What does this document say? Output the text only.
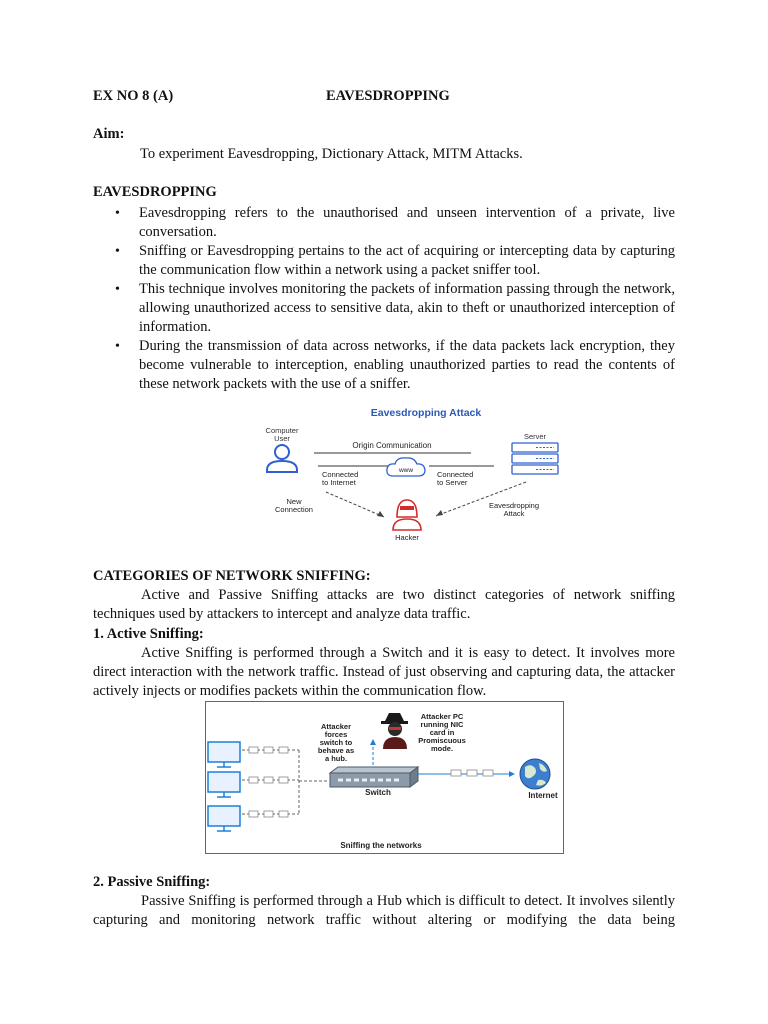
EX NO 8 (A)	EAVESDROPPING
Aim:
To experiment Eavesdropping, Dictionary Attack, MITM Attacks.
EAVESDROPPING
• Eavesdropping refers to the unauthorised and unseen intervention of a private, live conversation.
• Sniffing or Eavesdropping pertains to the act of acquiring or intercepting data by capturing the communication flow within a network using a packet sniffer tool.
• This technique involves monitoring the packets of information passing through the network, allowing unauthorized access to sensitive data, akin to theft or unauthorized interception of information.
• During the transmission of data across networks, if the data packets lack encryption, they become vulnerable to interception, enabling unauthorized parties to read the contents of these network packets with the use of a sniffer.
Eavesdropping Attack
Computer User	Server
Origin Communication
www
Connected to Internet
Connected to Server
New Connection	Eavesdropping Attack
Hacker
CATEGORIES OF NETWORK SNIFFING:
Active and Passive Sniffing attacks are two distinct categories of network sniffing techniques used by attackers to intercept and analyze data traffic.
1. Active Sniffing:
Active Sniffing is performed through a Switch and it is easy to detect. It involves more direct interaction with the network traffic. Instead of just observing and capturing data, the attacker actively injects or modifies packets within the communication flow.
Attacker forces switch to behave as a hub.
Switch
Attacker PC running NIC card in Promiscuous mode.
Internet
Sniffing the networks
2. Passive Sniffing:
Passive Sniffing is performed through a Hub which is difficult to detect. It involves silently capturing and monitoring network traffic without altering or modifying the data being
